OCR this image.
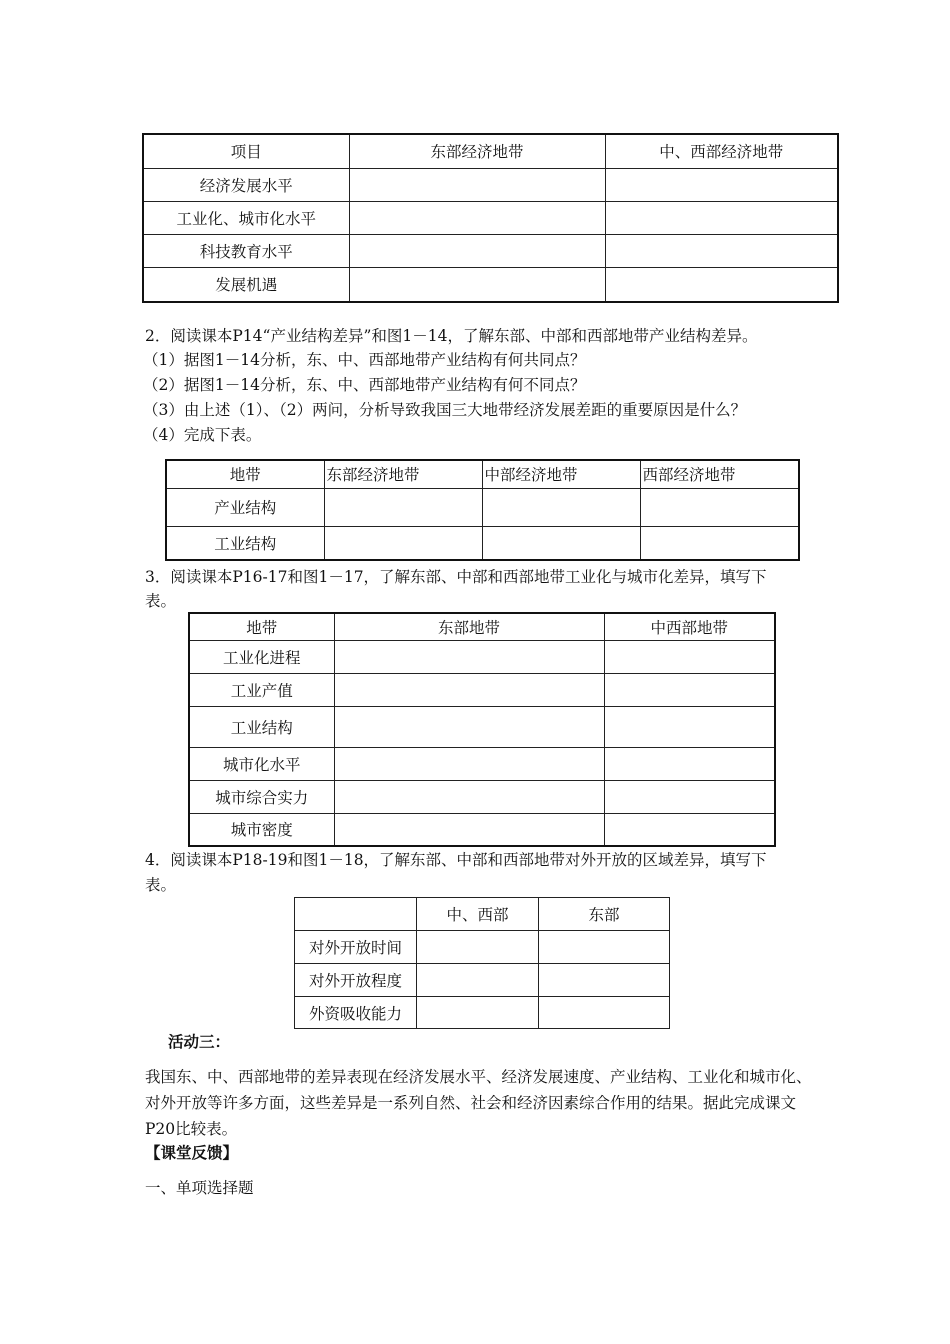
项目	东部经济地带	中、西部经济地带
经济发展水平		
工业化、城市化水平		
科技教育水平		
发展机遇		
2．阅读课本P14“产业结构差异”和图1－14，了解东部、中部和西部地带产业结构差异。
（1）据图1－14分析，东、中、西部地带产业结构有何共同点？
（2）据图1－14分析，东、中、西部地带产业结构有何不同点？
（3）由上述（1）、（2）两问，分析导致我国三大地带经济发展差距的重要原因是什么？
（4）完成下表。
地带	东部经济地带	中部经济地带	西部经济地带
产业结构			
工业结构			
3．阅读课本P16-17和图1－17，了解东部、中部和西部地带工业化与城市化差异，填写下
表。
地带	东部地带	中西部地带
工业化进程		
工业产值		
工业结构		
城市化水平		
城市综合实力		
城市密度		
4．阅读课本P18-19和图1－18，了解东部、中部和西部地带对外开放的区域差异，填写下
表。
	中、西部	东部
对外开放时间		
对外开放程度		
外资吸收能力		
活动三：
我国东、中、西部地带的差异表现在经济发展水平、经济发展速度、产业结构、工业化和城市化、对外开放等许多方面，这些差异是一系列自然、社会和经济因素综合作用的结果。据此完成课文P20比较表。
【课堂反馈】
一、单项选择题
